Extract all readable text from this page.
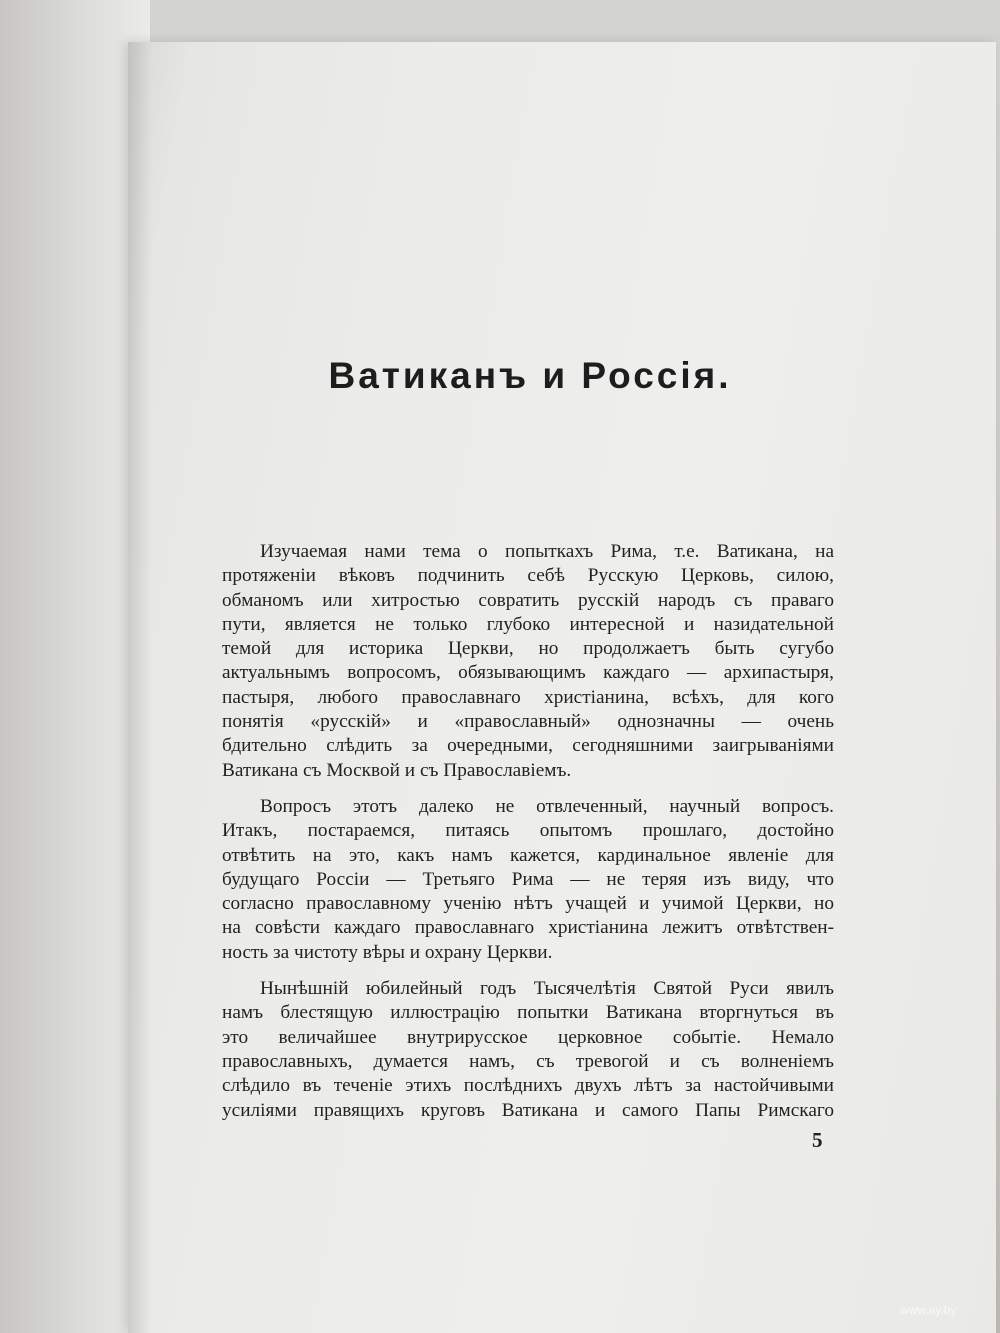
Ватиканъ и Россія.

Изучаемая нами тема о попыткахъ Рима, т.е. Ватикана, на
протяженіи вѣковъ подчинить себѣ Русскую Церковь, силою,
обманомъ или хитростью совратить русскій народъ съ праваго
пути, является не только глубоко интересной и назидательной
темой для историка Церкви, но продолжаетъ быть сугубо
актуальнымъ вопросомъ, обязывающимъ каждаго — архипастыря,
пастыря, любого православнаго христіанина, всѣхъ, для кого
понятія «русскій» и «православный» однозначны — очень
бдительно слѣдить за очередными, сегодняшними заигрываніями
Ватикана съ Москвой и съ Православіемъ.

Вопросъ этотъ далеко не отвлеченный, научный вопросъ.
Итакъ, постараемся, питаясь опытомъ прошлаго, достойно
отвѣтить на это, какъ намъ кажется, кардинальное явленіе для
будущаго Россіи — Третьяго Рима — не теряя изъ виду, что
согласно православному ученію нѣтъ учащей и учимой Церкви, но
на совѣсти каждаго православнаго христіанина лежитъ отвѣтствен-
ность за чистоту вѣры и охрану Церкви.

Нынѣшній юбилейный годъ Тысячелѣтія Святой Руси явилъ
намъ блестящую иллюстрацію попытки Ватикана вторгнуться въ
это величайшее внутрирусское церковное событіе. Немало
православныхъ, думается намъ, съ тревогой и съ волненіемъ
слѣдило въ теченіе этихъ послѣднихъ двухъ лѣтъ за настойчивыми
усиліями правящихъ круговъ Ватикана и самого Папы Римскаго

5
www.ay.by
